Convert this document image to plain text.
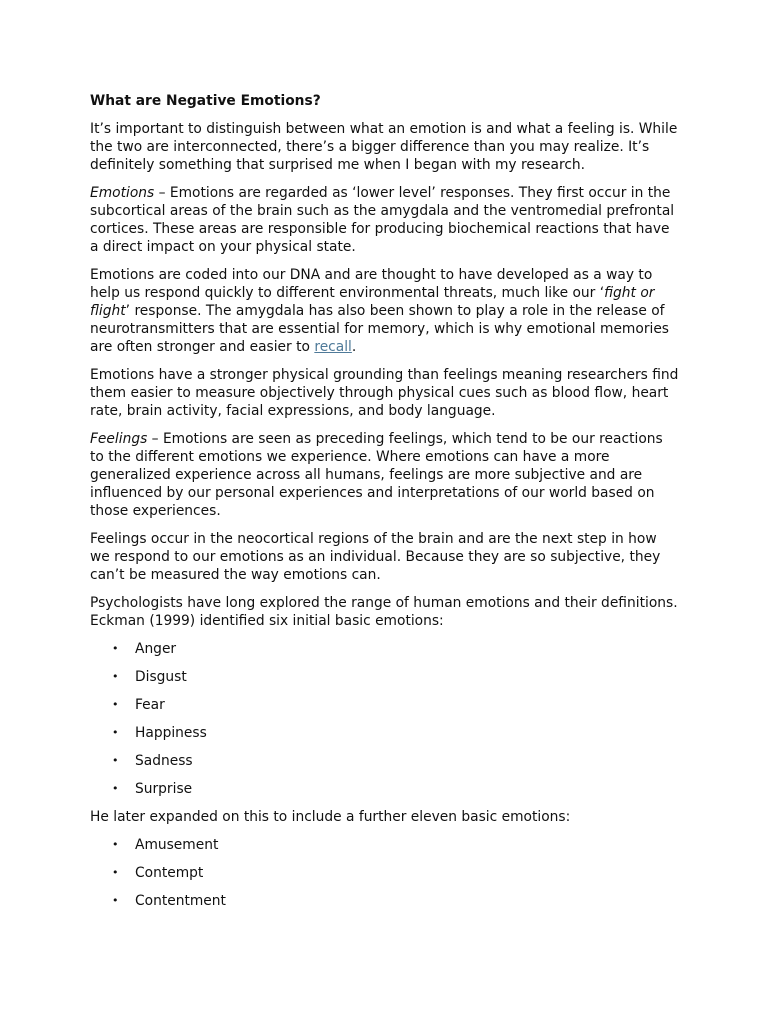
What are Negative Emotions?

It’s important to distinguish between what an emotion is and what a feeling is. While the two are interconnected, there’s a bigger difference than you may realize. It’s definitely something that surprised me when I began with my research.

Emotions – Emotions are regarded as ‘lower level’ responses. They first occur in the subcortical areas of the brain such as the amygdala and the ventromedial prefrontal cortices. These areas are responsible for producing biochemical reactions that have a direct impact on your physical state.

Emotions are coded into our DNA and are thought to have developed as a way to help us respond quickly to different environmental threats, much like our ‘fight or flight’ response. The amygdala has also been shown to play a role in the release of neurotransmitters that are essential for memory, which is why emotional memories are often stronger and easier to recall.

Emotions have a stronger physical grounding than feelings meaning researchers find them easier to measure objectively through physical cues such as blood flow, heart rate, brain activity, facial expressions, and body language.

Feelings – Emotions are seen as preceding feelings, which tend to be our reactions to the different emotions we experience. Where emotions can have a more generalized experience across all humans, feelings are more subjective and are influenced by our personal experiences and interpretations of our world based on those experiences.

Feelings occur in the neocortical regions of the brain and are the next step in how we respond to our emotions as an individual. Because they are so subjective, they can’t be measured the way emotions can.

Psychologists have long explored the range of human emotions and their definitions. Eckman (1999) identified six initial basic emotions:

• Anger
• Disgust
• Fear
• Happiness
• Sadness
• Surprise

He later expanded on this to include a further eleven basic emotions:

• Amusement
• Contempt
• Contentment
